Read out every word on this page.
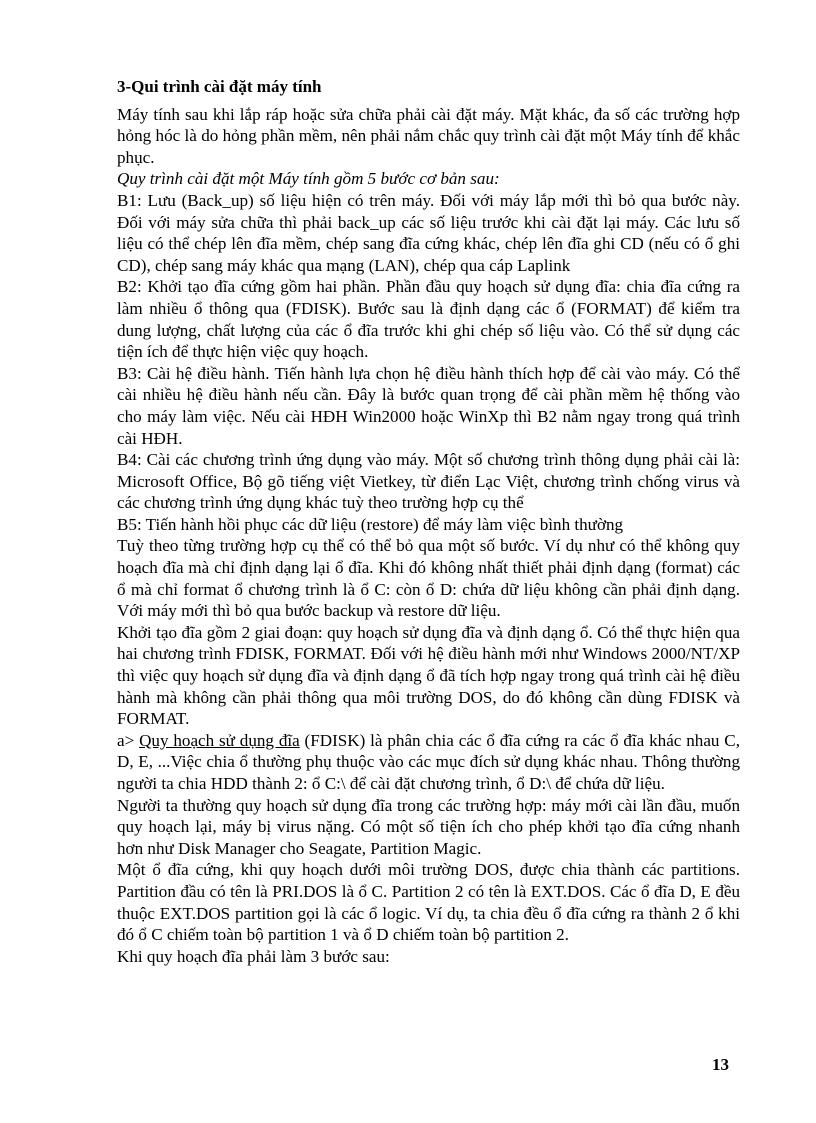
3-Qui trình cài đặt máy tính

Máy tính sau khi lắp ráp hoặc sửa chữa phải cài đặt máy. Mặt khác, đa số các trường hợp hỏng hóc là do hỏng phần mềm, nên phải nắm chắc quy trình cài đặt một Máy tính để khắc phục.

Quy trình cài đặt một Máy tính gồm 5 bước cơ bản sau:

B1: Lưu (Back_up) số liệu hiện có trên máy. Đối với máy lắp mới thì bỏ qua bước này. Đối với máy sửa chữa thì phải back_up các số liệu trước khi cài đặt lại máy. Các lưu số liệu có thể chép lên đĩa mềm, chép sang đĩa cứng khác, chép lên đĩa ghi CD (nếu có ổ ghi CD), chép sang máy khác qua mạng (LAN), chép qua cáp Laplink

B2: Khởi tạo đĩa cứng gồm hai phần. Phần đầu quy hoạch sử dụng đĩa: chia đĩa cứng ra làm nhiều ổ thông qua (FDISK). Bước sau là định dạng các ổ (FORMAT) để kiểm tra dung lượng, chất lượng của các ổ đĩa trước khi ghi chép số liệu vào. Có thể sử dụng các tiện ích để thực hiện việc quy hoạch.

B3: Cài hệ điều hành. Tiến hành lựa chọn hệ điều hành thích hợp để cài vào máy. Có thể cài nhiều hệ điều hành nếu cần. Đây là bước quan trọng để cài phần mềm hệ thống vào cho máy làm việc. Nếu cài HĐH Win2000 hoặc WinXp thì B2 nằm ngay trong quá trình cài HĐH.

B4: Cài các chương trình ứng dụng vào máy. Một số chương trình thông dụng phải cài là: Microsoft Office, Bộ gõ tiếng việt Vietkey, từ điển Lạc Việt, chương trình chống virus và các chương trình ứng dụng khác tuỳ theo trường hợp cụ thể

B5: Tiến hành hồi phục các dữ liệu (restore) để máy làm việc bình thường

Tuỳ theo từng trường hợp cụ thể có thể bỏ qua một số bước. Ví dụ như có thể không quy hoạch đĩa mà chỉ định dạng lại ổ đĩa. Khi đó không nhất thiết phải định dạng (format) các ổ mà chỉ format ổ chương trình là ổ C: còn ổ D: chứa dữ liệu không cần phải định dạng. Với máy mới thì bỏ qua bước backup và restore dữ liệu.

Khởi tạo đĩa gồm 2 giai đoạn: quy hoạch sử dụng đĩa và định dạng ổ. Có thể thực hiện qua hai chương trình FDISK, FORMAT. Đối với hệ điều hành mới như Windows 2000/NT/XP thì việc quy hoạch sử dụng đĩa và định dạng ổ đã tích hợp ngay trong quá trình cài hệ điều hành mà không cần phải thông qua môi trường DOS, do đó không cần dùng FDISK và FORMAT.

a> Quy hoạch sử dụng đĩa (FDISK) là phân chia các ổ đĩa cứng ra các ổ đĩa khác nhau C, D, E, ...Việc chia ổ thường phụ thuộc vào các mục đích sử dụng khác nhau. Thông thường người ta chia HDD thành 2: ổ C:\ để cài đặt chương trình, ổ D:\ để chứa dữ liệu.

Người ta thường quy hoạch sử dụng đĩa trong các trường hợp: máy mới cài lần đầu, muốn quy hoạch lại, máy bị virus nặng. Có một số tiện ích cho phép khởi tạo đĩa cứng nhanh hơn như Disk Manager cho Seagate, Partition Magic.

Một ổ đĩa cứng, khi quy hoạch dưới môi trường DOS, được chia thành các partitions. Partition đầu có tên là PRI.DOS là ổ C. Partition 2 có tên là EXT.DOS. Các ổ đĩa D, E đều thuộc EXT.DOS partition gọi là các ổ logic. Ví dụ, ta chia đều ổ đĩa cứng ra thành 2 ổ khi đó ổ C chiếm toàn bộ partition 1 và ổ D chiếm toàn bộ partition 2.

Khi quy hoạch đĩa phải làm 3 bước sau:

13
